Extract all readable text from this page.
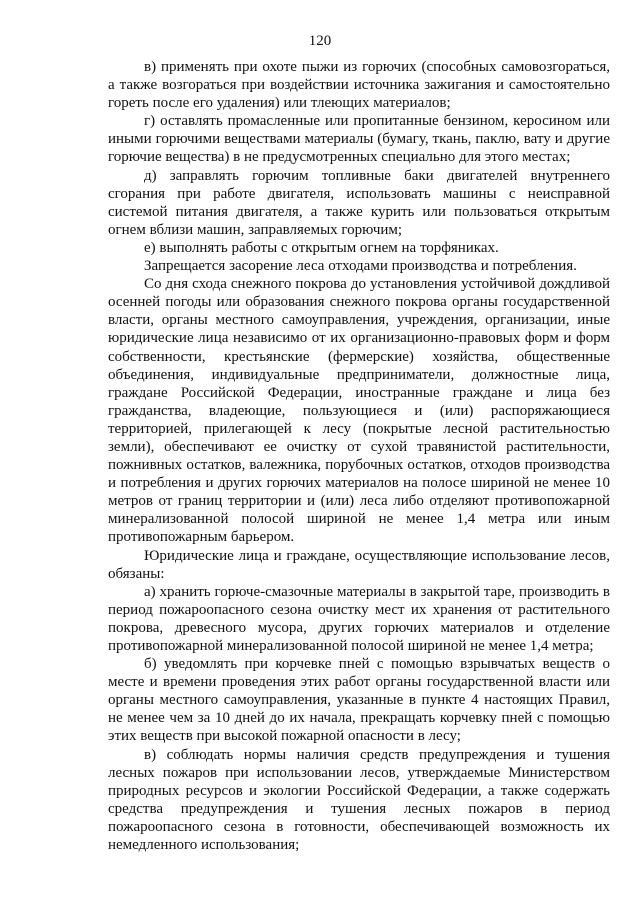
120

в) применять при охоте пыжи из горючих (способных самовозгораться, а также возгораться при воздействии источника зажигания и самостоятельно гореть после его удаления) или тлеющих материалов;

г) оставлять промасленные или пропитанные бензином, керосином или иными горючими веществами материалы (бумагу, ткань, паклю, вату и другие горючие вещества) в не предусмотренных специально для этого местах;

д) заправлять горючим топливные баки двигателей внутреннего сгорания при работе двигателя, использовать машины с неисправной системой питания двигателя, а также курить или пользоваться открытым огнем вблизи машин, заправляемых горючим;

е) выполнять работы с открытым огнем на торфяниках.

Запрещается засорение леса отходами производства и потребления.

Со дня схода снежного покрова до установления устойчивой дождливой осенней погоды или образования снежного покрова органы государственной власти, органы местного самоуправления, учреждения, организации, иные юридические лица независимо от их организационно-правовых форм и форм собственности, крестьянские (фермерские) хозяйства, общественные объединения, индивидуальные предприниматели, должностные лица, граждане Российской Федерации, иностранные граждане и лица без гражданства, владеющие, пользующиеся и (или) распоряжающиеся территорией, прилегающей к лесу (покрытые лесной растительностью земли), обеспечивают ее очистку от сухой травянистой растительности, пожнивных остатков, валежника, порубочных остатков, отходов производства и потребления и других горючих материалов на полосе шириной не менее 10 метров от границ территории и (или) леса либо отделяют противопожарной минерализованной полосой шириной не менее 1,4 метра или иным противопожарным барьером.

Юридические лица и граждане, осуществляющие использование лесов, обязаны:

а) хранить горюче-смазочные материалы в закрытой таре, производить в период пожароопасного сезона очистку мест их хранения от растительного покрова, древесного мусора, других горючих материалов и отделение противопожарной минерализованной полосой шириной не менее 1,4 метра;

б) уведомлять при корчевке пней с помощью взрывчатых веществ о месте и времени проведения этих работ органы государственной власти или органы местного самоуправления, указанные в пункте 4 настоящих Правил, не менее чем за 10 дней до их начала, прекращать корчевку пней с помощью этих веществ при высокой пожарной опасности в лесу;

в) соблюдать нормы наличия средств предупреждения и тушения лесных пожаров при использовании лесов, утверждаемые Министерством природных ресурсов и экологии Российской Федерации, а также содержать средства предупреждения и тушения лесных пожаров в период пожароопасного сезона в готовности, обеспечивающей возможность их немедленного использования;
